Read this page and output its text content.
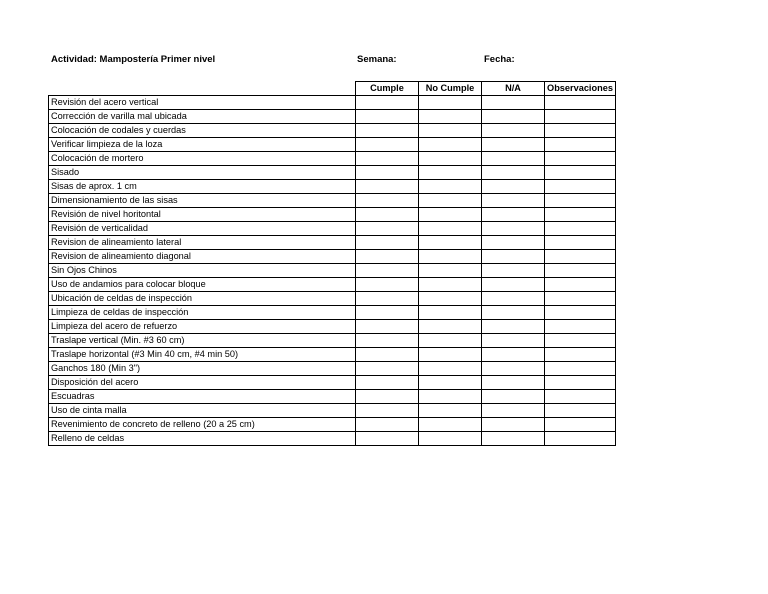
Actividad: Mampostería Primer nivel	Semana:	Fecha:
	Cumple	No Cumple	N/A	Observaciones
Revisión del acero vertical				
Corrección de varilla mal ubicada				
Colocación de codales y cuerdas				
Verificar limpieza de la loza				
Colocación de mortero				
Sisado				
Sisas de aprox. 1 cm				
Dimensionamiento de las sisas				
Revisión de nivel horitontal				
Revisión de verticalidad				
Revision de alineamiento lateral				
Revision de alineamiento diagonal				
Sin Ojos Chinos				
Uso de andamios para colocar bloque				
Ubicación de celdas de inspección				
Limpieza de celdas de inspección				
Limpieza del acero de refuerzo				
Traslape vertical (Min. #3 60 cm)				
Traslape horizontal (#3 Min 40 cm, #4 min 50)				
Ganchos 180 (Min 3")				
Disposición del acero				
Escuadras				
Uso de cinta malla				
Revenimiento de concreto de relleno (20 a 25 cm)				
Relleno de celdas				
